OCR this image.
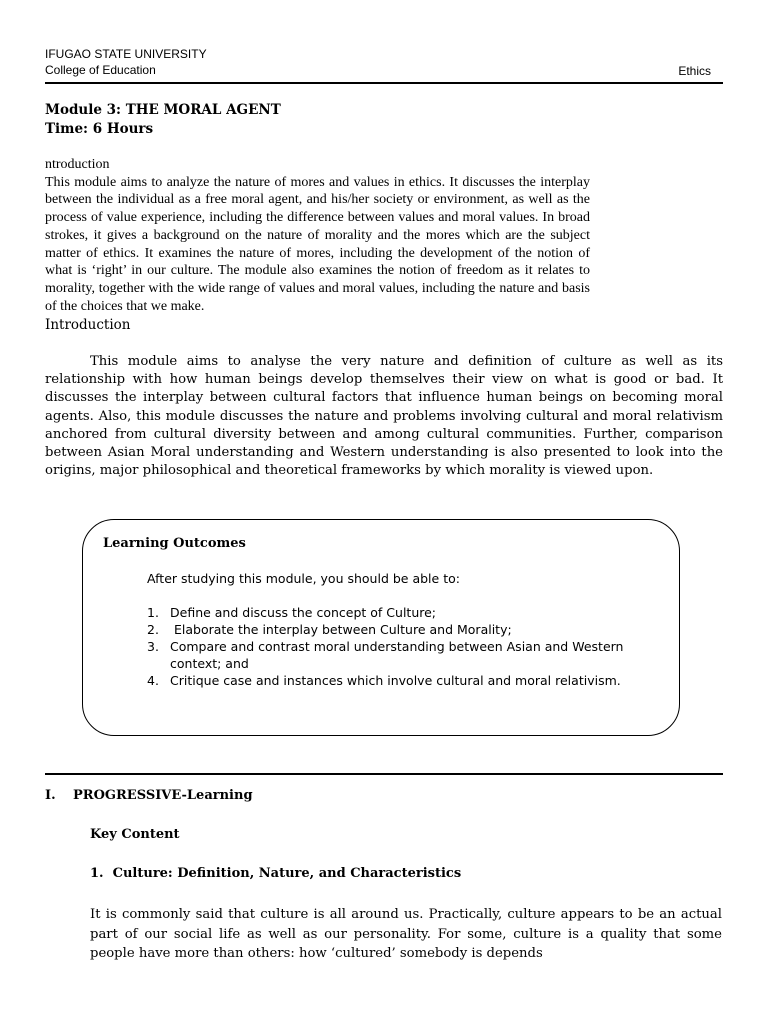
IFUGAO STATE UNIVERSITY
College of Education	Ethics
Module 3: THE MORAL AGENT
Time: 6 Hours
ntroduction

This module aims to analyze the nature of mores and values in ethics. It discusses the interplay between the individual as a free moral agent, and his/her society or environment, as well as the process of value experience, including the difference between values and moral values. In broad strokes, it gives a background on the nature of morality and the mores which are the subject matter of ethics. It examines the nature of mores, including the development of the notion of what is ‘right’ in our culture. The module also examines the notion of freedom as it relates to morality, together with the wide range of values and moral values, including the nature and basis of the choices that we make.

Introduction

This module aims to analyse the very nature and definition of culture as well as its relationship with how human beings develop themselves their view on what is good or bad. It discusses the interplay between cultural factors that influence human beings on becoming moral agents. Also, this module discusses the nature and problems involving cultural and moral relativism anchored from cultural diversity between and among cultural communities. Further, comparison between Asian Moral understanding and Western understanding is also presented to look into the origins, major philosophical and theoretical frameworks by which morality is viewed upon.

Learning Outcomes
After studying this module, you should be able to:
1. Define and discuss the concept of Culture;
2. Elaborate the interplay between Culture and Morality;
3. Compare and contrast moral understanding between Asian and Western context; and
4. Critique case and instances which involve cultural and moral relativism.
I. PROGRESSIVE-Learning
Key Content
1.  Culture: Definition, Nature, and Characteristics

It is commonly said that culture is all around us. Practically, culture appears to be an actual part of our social life as well as our personality. For some, culture is a quality that some people have more than others: how ‘cultured’ somebody is depends
